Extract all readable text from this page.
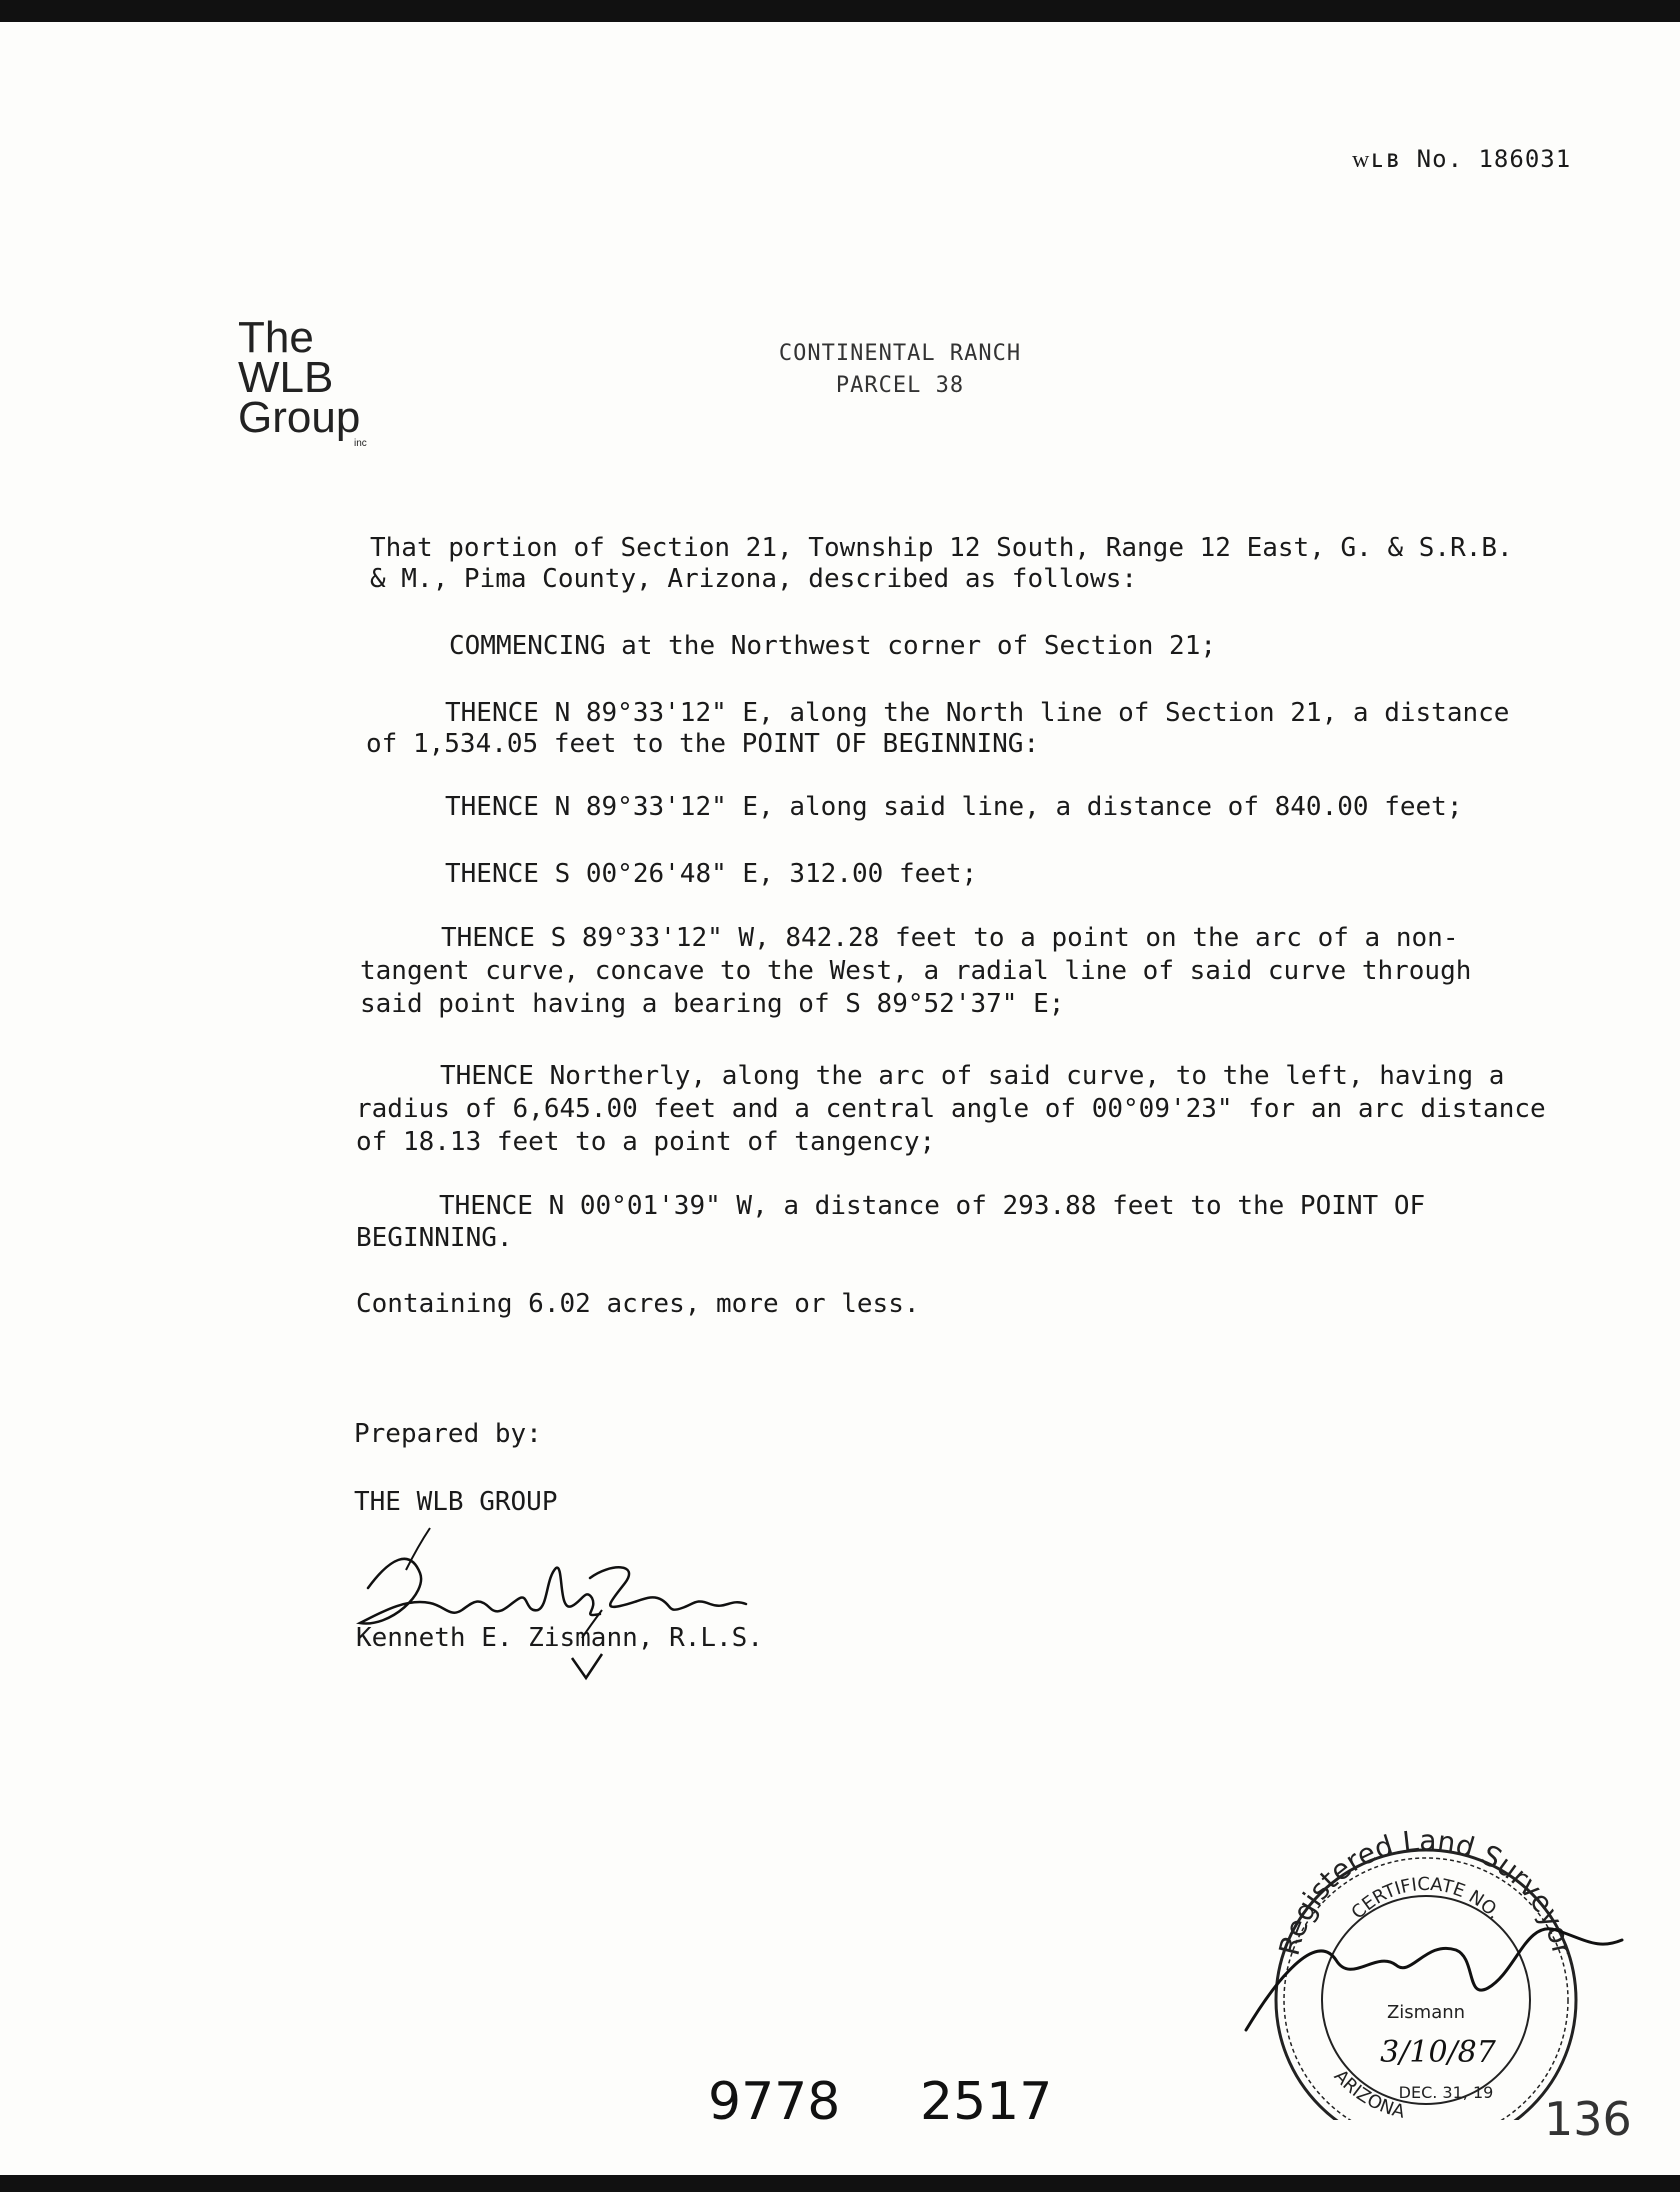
ᴡʟʙ No. 186031
The
WLB
Group
inc
CONTINENTAL RANCH
PARCEL 38
That portion of Section 21, Township 12 South, Range 12 East, G. & S.R.B.
& M., Pima County, Arizona, described as follows:
COMMENCING at the Northwest corner of Section 21;
THENCE N 89°33'12" E, along the North line of Section 21, a distance
of 1,534.05 feet to the POINT OF BEGINNING:
THENCE N 89°33'12" E, along said line, a distance of 840.00 feet;
THENCE S 00°26'48" E, 312.00 feet;
THENCE S 89°33'12" W, 842.28 feet to a point on the arc of a non-
tangent curve, concave to the West, a radial line of said curve through
said point having a bearing of S 89°52'37" E;
THENCE Northerly, along the arc of said curve, to the left, having a
radius of 6,645.00 feet and a central angle of 00°09'23" for an arc distance
of 18.13 feet to a point of tangency;
THENCE N 00°01'39" W, a distance of 293.88 feet to the POINT OF
BEGINNING.
Containing 6.02 acres, more or less.
Prepared by:
THE WLB GROUP
Kenneth E. Zismann, R.L.S.
Registered Land Surveyor
CERTIFICATE NO.
Zismann
3/10/87
DEC. 31, 19
ARIZONA
9778 2517	136
